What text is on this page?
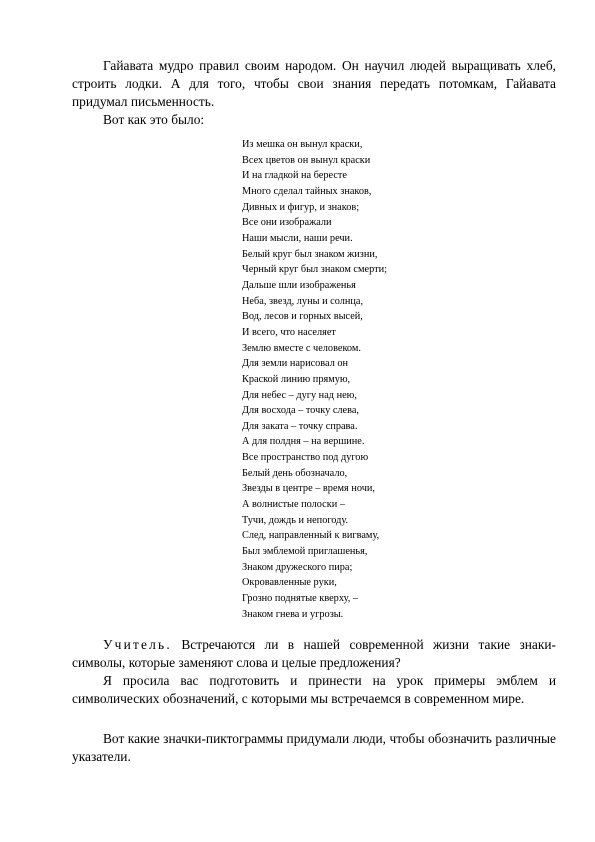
Гайавата мудро правил своим народом. Он научил людей выращивать хлеб, строить лодки. А для того, чтобы свои знания передать потомкам, Гайавата придумал письменность.

Вот как это было:

Из мешка он вынул краски,
Всех цветов он вынул краски
И на гладкой на бересте
Много сделал тайных знаков,
Дивных и фигур, и знаков;
Все они изображали
Наши мысли, наши речи.
Белый круг был знаком жизни,
Черный круг был знаком смерти;
Дальше шли изображенья
Неба, звезд, луны и солнца,
Вод, лесов и горных высей,
И всего, что населяет
Землю вместе с человеком.
Для земли нарисовал он
Краской линию прямую,
Для небес – дугу над нею,
Для восхода – точку слева,
Для заката – точку справа.
А для полдня – на вершине.
Все пространство под дугою
Белый день обозначало,
Звезды в центре – время ночи,
А волнистые полоски –
Тучи, дождь и непогоду.
След, направленный к вигваму,
Был эмблемой приглашенья,
Знаком дружеского пира;
Окровавленные руки,
Грозно поднятые кверху, –
Знаком гнева и угрозы.

Учитель. Встречаются ли в нашей современной жизни такие знаки-символы, которые заменяют слова и целые предложения?

Я просила вас подготовить и принести на урок примеры эмблем и символических обозначений, с которыми мы встречаемся в современном мире.

Вот какие значки-пиктограммы придумали люди, чтобы обозначить различные указатели.
